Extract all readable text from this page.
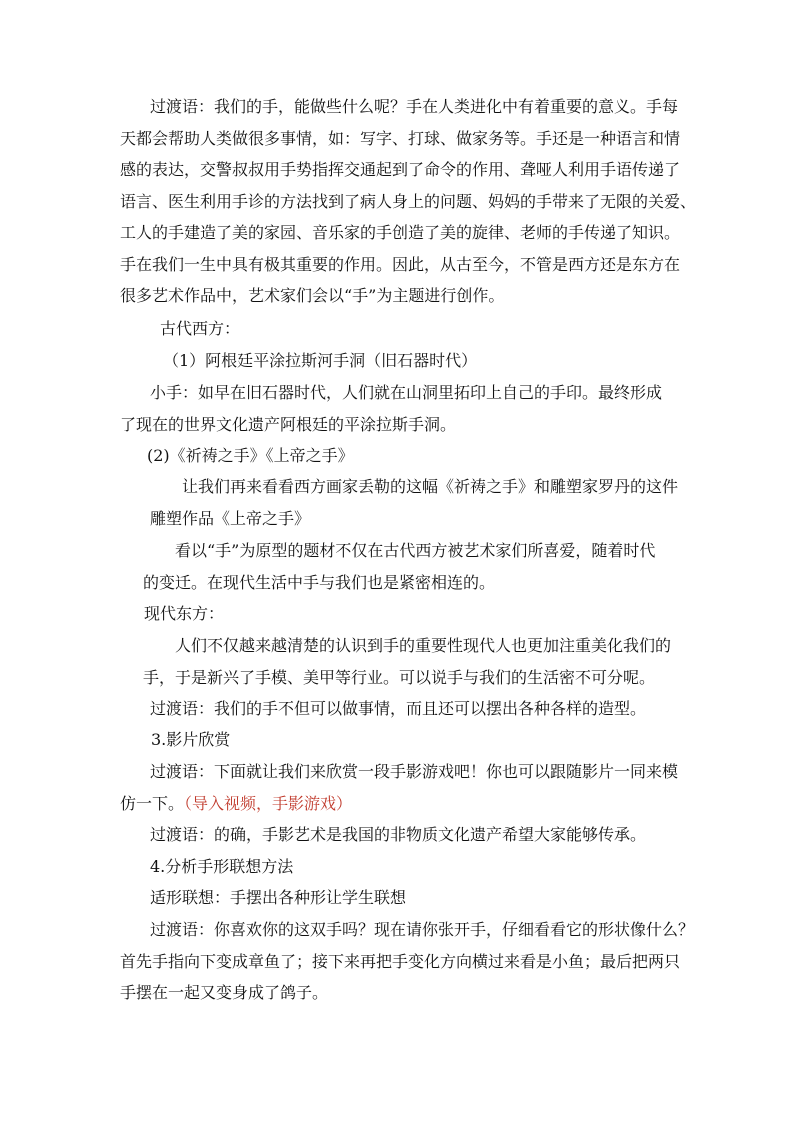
过渡语：我们的手，能做些什么呢？手在人类进化中有着重要的意义。手每
天都会帮助人类做很多事情，如：写字、打球、做家务等。手还是一种语言和情
感的表达，交警叔叔用手势指挥交通起到了命令的作用、聋哑人利用手语传递了
语言、医生利用手诊的方法找到了病人身上的问题、妈妈的手带来了无限的关爱、
工人的手建造了美的家园、音乐家的手创造了美的旋律、老师的手传递了知识。
手在我们一生中具有极其重要的作用。因此，从古至今，不管是西方还是东方在
很多艺术作品中，艺术家们会以“手”为主题进行创作。
古代西方：
（1）阿根廷平涂拉斯河手洞（旧石器时代）
小手：如早在旧石器时代，人们就在山洞里拓印上自己的手印。最终形成
了现在的世界文化遗产阿根廷的平涂拉斯手洞。
(2)《祈祷之手》《上帝之手》
让我们再来看看西方画家丢勒的这幅《祈祷之手》和雕塑家罗丹的这件
雕塑作品《上帝之手》
看以“手”为原型的题材不仅在古代西方被艺术家们所喜爱，随着时代
的变迁。在现代生活中手与我们也是紧密相连的。
现代东方：
人们不仅越来越清楚的认识到手的重要性现代人也更加注重美化我们的
手，于是新兴了手模、美甲等行业。可以说手与我们的生活密不可分呢。
过渡语：我们的手不但可以做事情，而且还可以摆出各种各样的造型。
3.影片欣赏
过渡语：下面就让我们来欣赏一段手影游戏吧！你也可以跟随影片一同来模
仿一下。（导入视频，手影游戏）
过渡语：的确，手影艺术是我国的非物质文化遗产希望大家能够传承。
4.分析手形联想方法
适形联想：手摆出各种形让学生联想
过渡语：你喜欢你的这双手吗？现在请你张开手，仔细看看它的形状像什么？
首先手指向下变成章鱼了；接下来再把手变化方向横过来看是小鱼；最后把两只
手摆在一起又变身成了鸽子。
